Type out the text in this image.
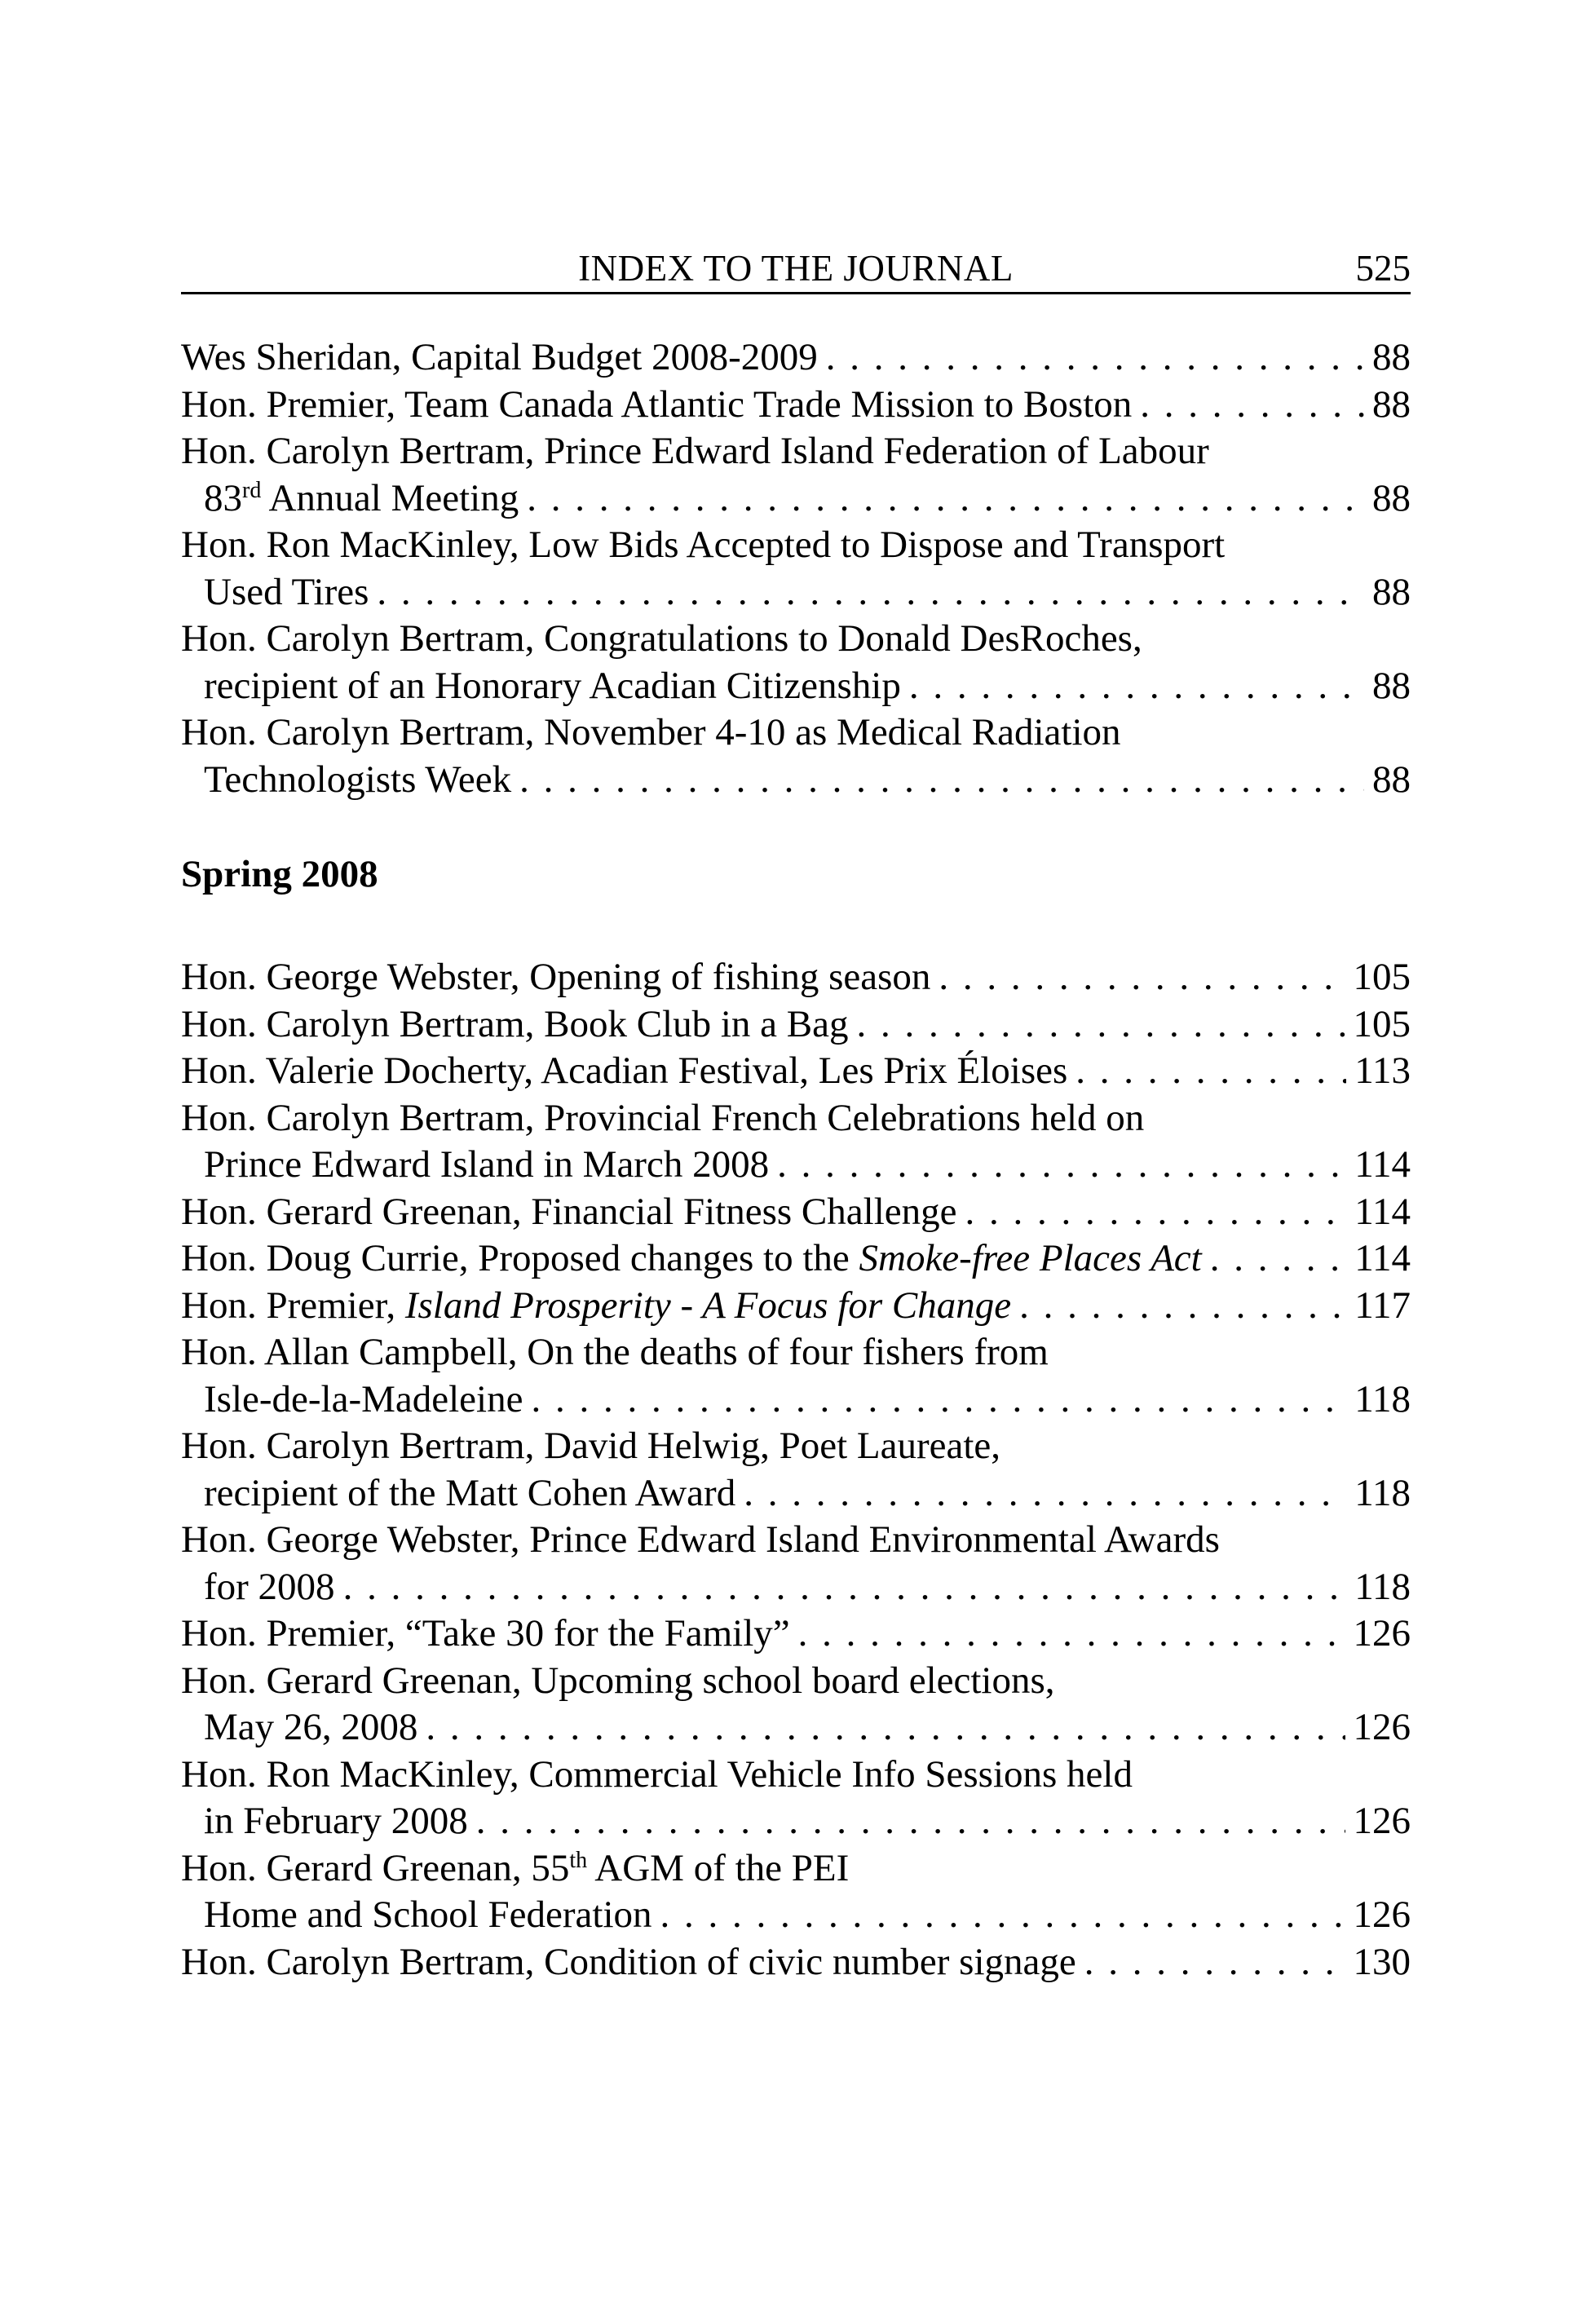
INDEX TO THE JOURNAL	525
Wes Sheridan, Capital Budget 2008-2009 . . .	88
Hon. Premier, Team Canada Atlantic Trade Mission to Boston . . .	88
Hon. Carolyn Bertram, Prince Edward Island Federation of Labour
83rd Annual Meeting . . .	88
Hon. Ron MacKinley, Low Bids Accepted to Dispose and Transport
Used Tires . . .	88
Hon. Carolyn Bertram, Congratulations to Donald DesRoches,
recipient of an Honorary Acadian Citizenship . . .	88
Hon. Carolyn Bertram, November 4-10 as Medical Radiation
Technologists Week . . .	88
Spring 2008
Hon. George Webster, Opening of fishing season . . .	105
Hon. Carolyn Bertram, Book Club in a Bag . . .	105
Hon. Valerie Docherty, Acadian Festival, Les Prix Éloises . . .	113
Hon. Carolyn Bertram, Provincial French Celebrations held on
Prince Edward Island in March 2008 . . .	114
Hon. Gerard Greenan, Financial Fitness Challenge . . .	114
Hon. Doug Currie, Proposed changes to the Smoke-free Places Act . . .	114
Hon. Premier, Island Prosperity - A Focus for Change . . .	117
Hon. Allan Campbell, On the deaths of four fishers from
Isle-de-la-Madeleine . . .	118
Hon. Carolyn Bertram, David Helwig, Poet Laureate,
recipient of the Matt Cohen Award . . .	118
Hon. George Webster, Prince Edward Island Environmental Awards
for 2008 . . .	118
Hon. Premier, “Take 30 for the Family” . . .	126
Hon. Gerard Greenan, Upcoming school board elections,
May 26, 2008 . . .	126
Hon. Ron MacKinley, Commercial Vehicle Info Sessions held
in February 2008 . . .	126
Hon. Gerard Greenan, 55th AGM of the PEI
Home and School Federation . . .	126
Hon. Carolyn Bertram, Condition of civic number signage . . .	130
